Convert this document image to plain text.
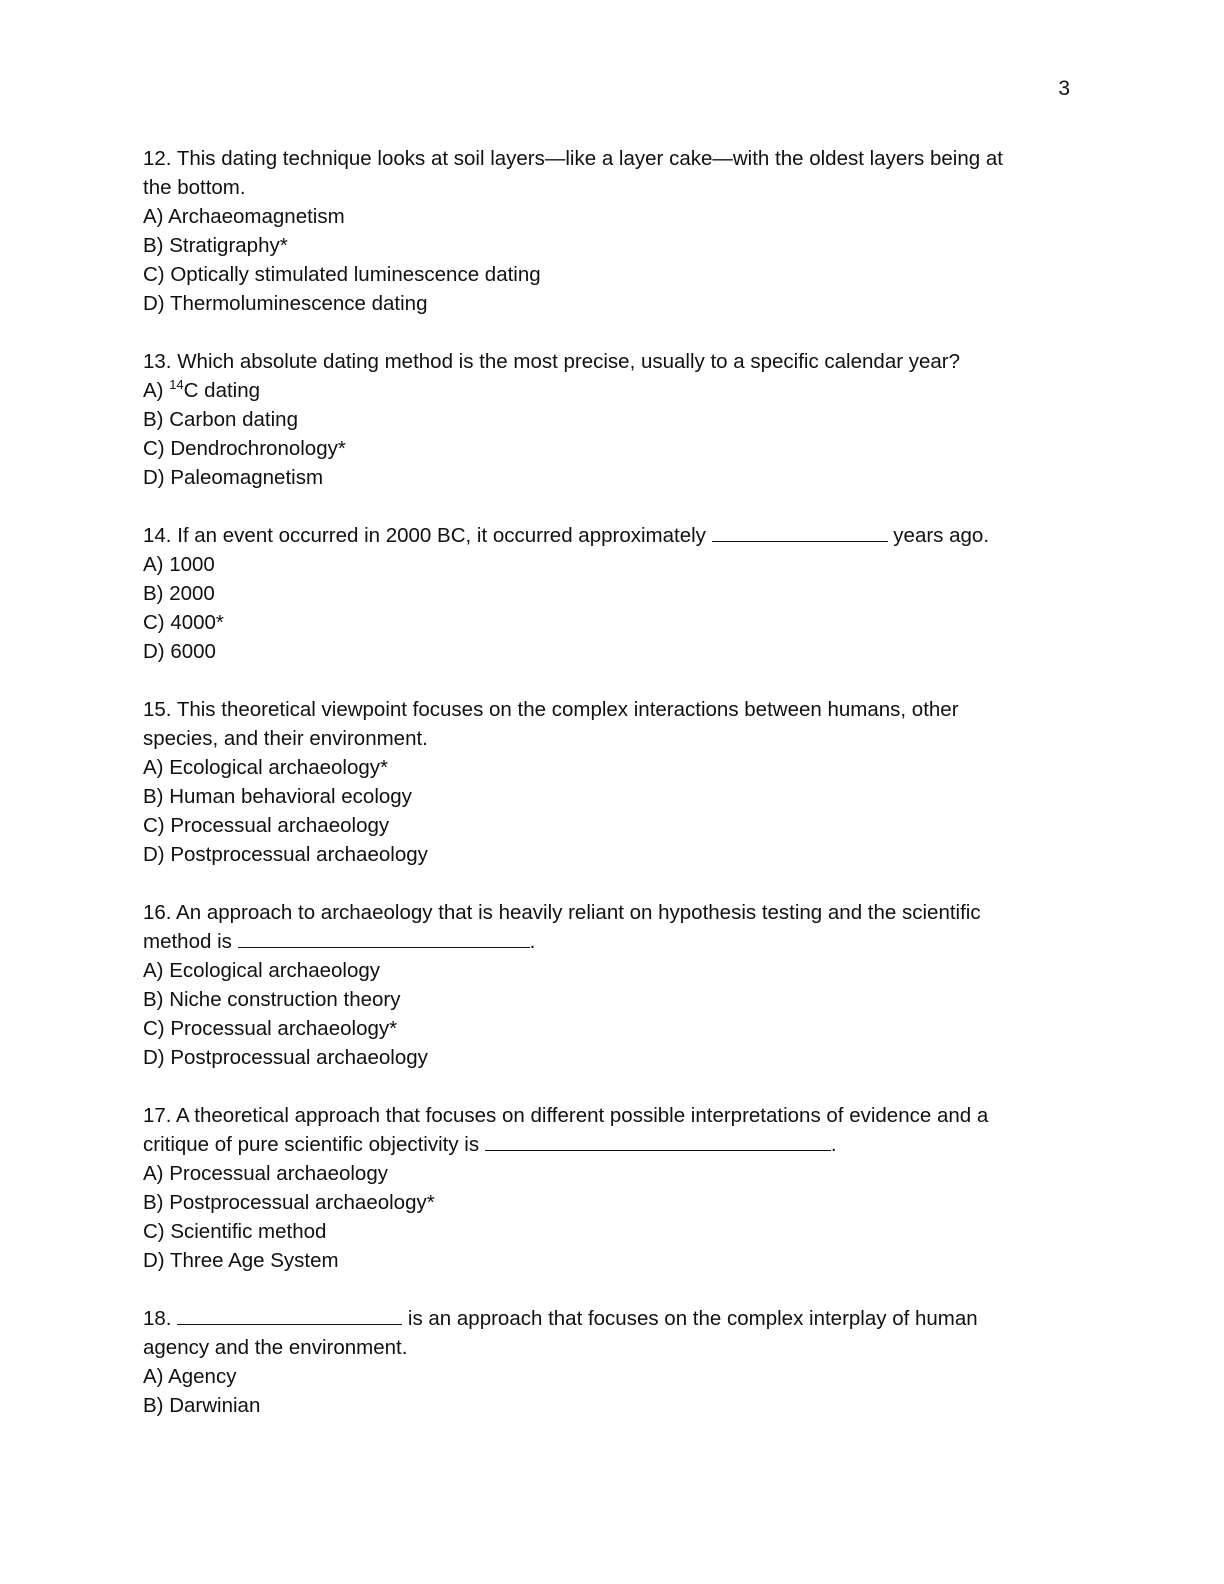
3
12. This dating technique looks at soil layers—like a layer cake—with the oldest layers being at
the bottom.
A) Archaeomagnetism
B) Stratigraphy*
C) Optically stimulated luminescence dating
D) Thermoluminescence dating
13. Which absolute dating method is the most precise, usually to a specific calendar year?
A) $^{14}$C dating
B) Carbon dating
C) Dendrochronology*
D) Paleomagnetism
14. If an event occurred in 2000 BC, it occurred approximately	years ago.
A) 1000
B) 2000
C) 4000*
D) 6000
15. This theoretical viewpoint focuses on the complex interactions between humans, other
species, and their environment.
A) Ecological archaeology*
B) Human behavioral ecology
C) Processual archaeology
D) Postprocessual archaeology
16. An approach to archaeology that is heavily reliant on hypothesis testing and the scientific
method is	.
A) Ecological archaeology
B) Niche construction theory
C) Processual archaeology*
D) Postprocessual archaeology
17. A theoretical approach that focuses on different possible interpretations of evidence and a
critique of pure scientific objectivity is	.
A) Processual archaeology
B) Postprocessual archaeology*
C) Scientific method
D) Three Age System
18.	is an approach that focuses on the complex interplay of human
agency and the environment.
A) Agency
B) Darwinian
